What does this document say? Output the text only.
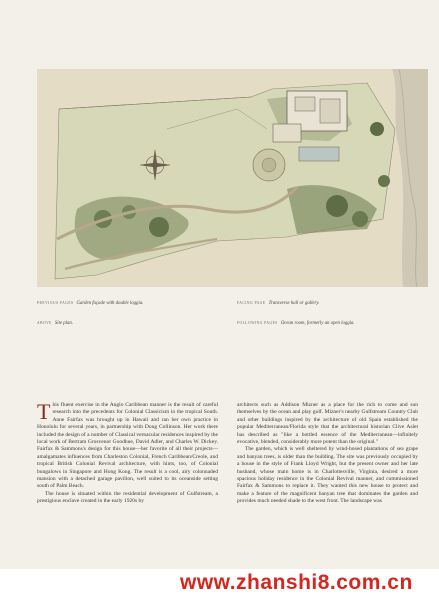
PREVIOUS PAGES Garden façade with double loggia.
ABOVE Site plan.
FACING PAGE Transverse hall or gallery.
FOLLOWING PAGES Ocean room, formerly an open loggia.

This fluent exercise in the Anglo Caribbean manner is the result of careful research into the precedents for Colonial Classicism in the tropical South. Anne Fairfax was brought up in Hawaii and ran her own practice in Honolulu for several years, in partnership with Doug Collinson. Her work there included the design of a number of Classical vernacular residences inspired by the local work of Bertram Grosvenor Goodhue, David Adler, and Charles W. Dickey. Fairfax & Sammons's design for this house—her favorite of all their projects—amalgamates influences from Charleston Colonial, French Caribbean/Creole, and tropical British Colonial Revival architecture, with hints, too, of Colonial bungalows in Singapore and Hong Kong. The result is a cool, airy colonnaded mansion with a detached garage pavilion, well suited to its oceanside setting south of Palm Beach.

The house is situated within the residential development of Gulfstream, a prestigious enclave created in the early 1920s by

architects such as Addison Mizner as a place for the rich to come and sun themselves by the ocean and play golf. Mizner's nearby Gulfstream Country Club and other buildings inspired by the architecture of old Spain established the popular Mediterranean/Florida style that the architectural historian Clive Aslet has described as "like a bottled essence of the Mediterranean—infinitely evocative, blended, considerably more potent than the original."

The garden, which is well sheltered by wind-hosed plantations of sea grape and banyan trees, is older than the building. The site was previously occupied by a house in the style of Frank Lloyd Wright, but the present owner and her late husband, whose main home is in Charlottesville, Virginia, desired a more spacious holiday residence in the Colonial Revival manner, and commissioned Fairfax & Sammons to replace it. They wanted this new house to protect and make a feature of the magnificent banyan tree that dominates the garden and provides much needed shade to the west front. The landscape was

www.zhanshi8.com.cn
